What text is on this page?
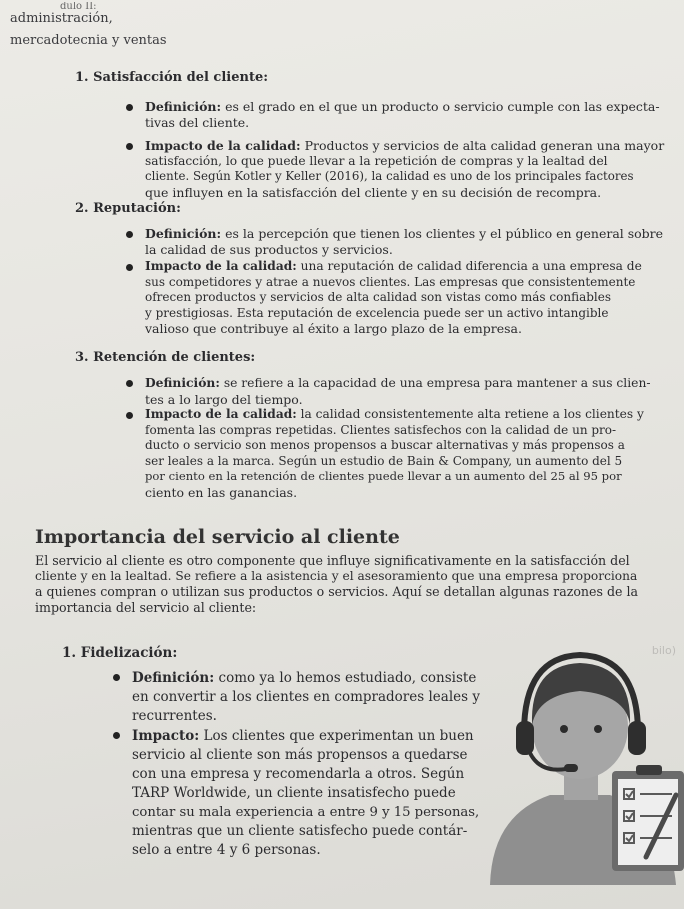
dulo II:
administración,
mercadotecnia y ventas
1. Satisfacción del cliente:
Definición: es el grado en el que un producto o servicio cumple con las expecta-
tivas del cliente.
Impacto de la calidad: Productos y servicios de alta calidad generan una mayor
satisfacción, lo que puede llevar a la repetición de compras y la lealtad del
cliente. Según Kotler y Keller (2016), la calidad es uno de los principales factores
que influyen en la satisfacción del cliente y en su decisión de recompra.
2. Reputación:
Definición: es la percepción que tienen los clientes y el público en general sobre
la calidad de sus productos y servicios.
Impacto de la calidad: una reputación de calidad diferencia a una empresa de
sus competidores y atrae a nuevos clientes. Las empresas que consistentemente
ofrecen productos y servicios de alta calidad son vistas como más confiables
y prestigiosas. Esta reputación de excelencia puede ser un activo intangible
valioso que contribuye al éxito a largo plazo de la empresa.
3. Retención de clientes:
Definición: se refiere a la capacidad de una empresa para mantener a sus clien-
tes a lo largo del tiempo.
Impacto de la calidad: la calidad consistentemente alta retiene a los clientes y
fomenta las compras repetidas. Clientes satisfechos con la calidad de un pro-
ducto o servicio son menos propensos a buscar alternativas y más propensos a
ser leales a la marca. Según un estudio de Bain & Company, un aumento del 5
por ciento en la retención de clientes puede llevar a un aumento del 25 al 95 por
ciento en las ganancias.
Importancia del servicio al cliente
El servicio al cliente es otro componente que influye significativamente en la satisfacción del
cliente y en la lealtad. Se refiere a la asistencia y el asesoramiento que una empresa proporciona
a quienes compran o utilizan sus productos o servicios. Aquí se detallan algunas razones de la
importancia del servicio al cliente:
bilo)
1. Fidelización:
Definición: como ya lo hemos estudiado, consiste
en convertir a los clientes en compradores leales y
recurrentes.
Impacto: Los clientes que experimentan un buen
servicio al cliente son más propensos a quedarse
con una empresa y recomendarla a otros. Según
TARP Worldwide, un cliente insatisfecho puede
contar su mala experiencia a entre 9 y 15 personas,
mientras que un cliente satisfecho puede contár-
selo a entre 4 y 6 personas.
